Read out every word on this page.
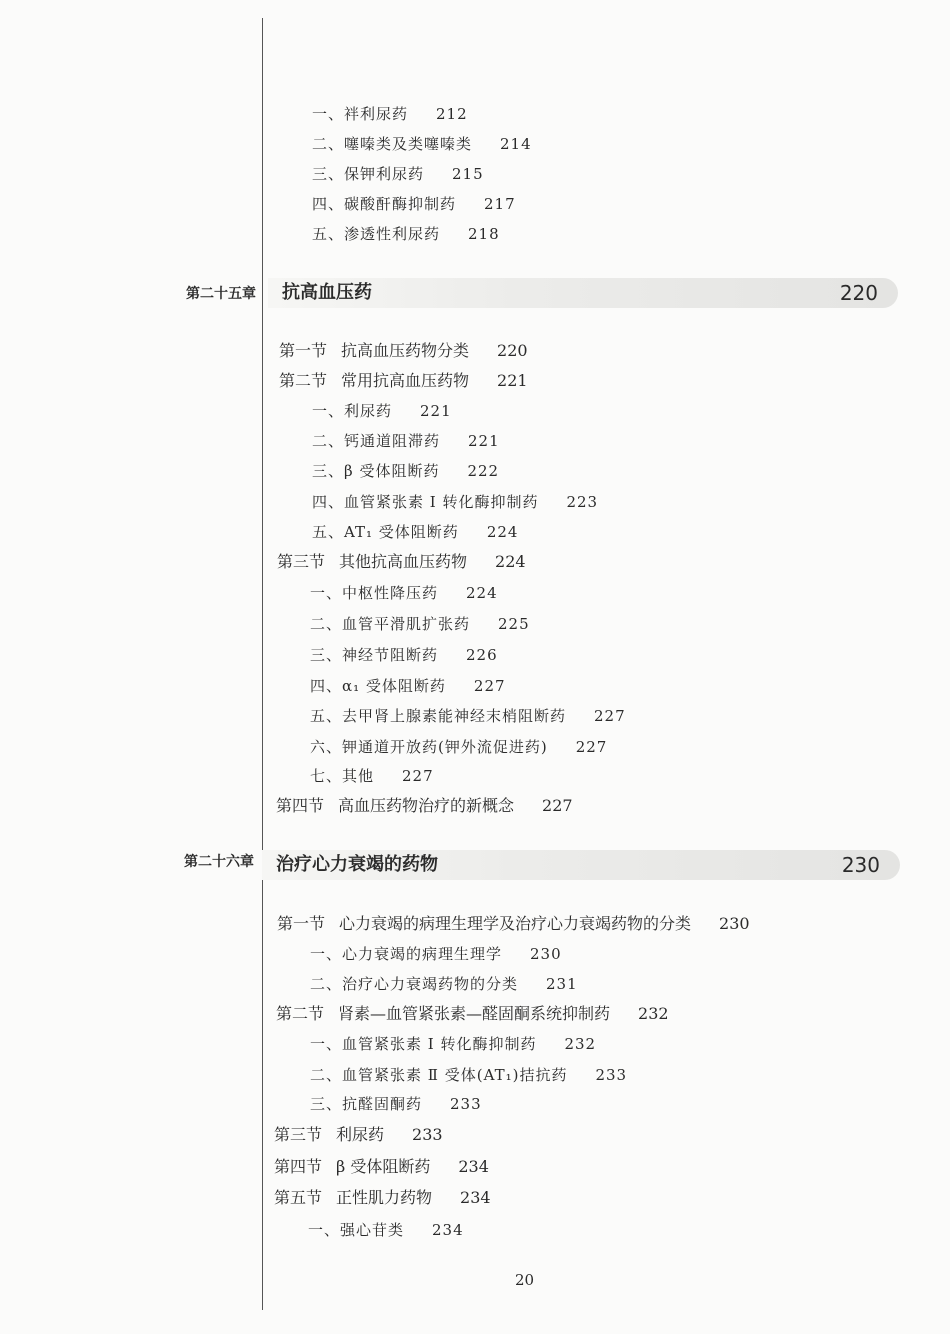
一、袢利尿药 212
二、噻嗪类及类噻嗪类 214
三、保钾利尿药 215
四、碳酸酐酶抑制药 217
五、渗透性利尿药 218
第二十五章 抗高血压药	220
第一节 抗高血压药物分类 220
第二节 常用抗高血压药物 221
一、利尿药 221
二、钙通道阻滞药 221
三、β 受体阻断药 222
四、血管紧张素 Ⅰ 转化酶抑制药 223
五、AT₁ 受体阻断药 224
第三节 其他抗高血压药物 224
一、中枢性降压药 224
二、血管平滑肌扩张药 225
三、神经节阻断药 226
四、α₁ 受体阻断药 227
五、去甲肾上腺素能神经末梢阻断药 227
六、钾通道开放药(钾外流促进药) 227
七、其他 227
第四节 高血压药物治疗的新概念 227
第二十六章 治疗心力衰竭的药物	230
第一节 心力衰竭的病理生理学及治疗心力衰竭药物的分类 230
一、心力衰竭的病理生理学 230
二、治疗心力衰竭药物的分类 231
第二节 肾素—血管紧张素—醛固酮系统抑制药 232
一、血管紧张素 Ⅰ 转化酶抑制药 232
二、血管紧张素 Ⅱ 受体(AT₁)拮抗药 233
三、抗醛固酮药 233
第三节 利尿药 233
第四节 β 受体阻断药 234
第五节 正性肌力药物 234
一、强心苷类 234
20
